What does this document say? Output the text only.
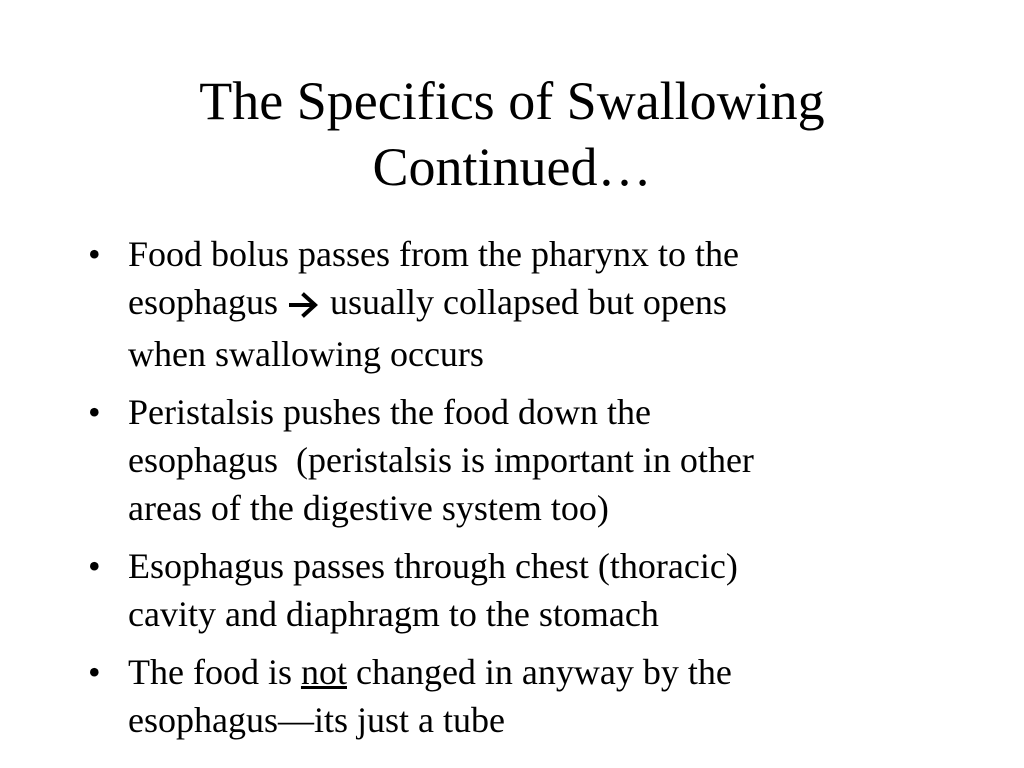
The Specifics of Swallowing
Continued…
• Food bolus passes from the pharynx to the
esophagus  usually collapsed but opens
when swallowing occurs
• Peristalsis pushes the food down the
esophagus  (peristalsis is important in other
areas of the digestive system too)
• Esophagus passes through chest (thoracic)
cavity and diaphragm to the stomach
• The food is not changed in anyway by the
esophagus—its just a tube
